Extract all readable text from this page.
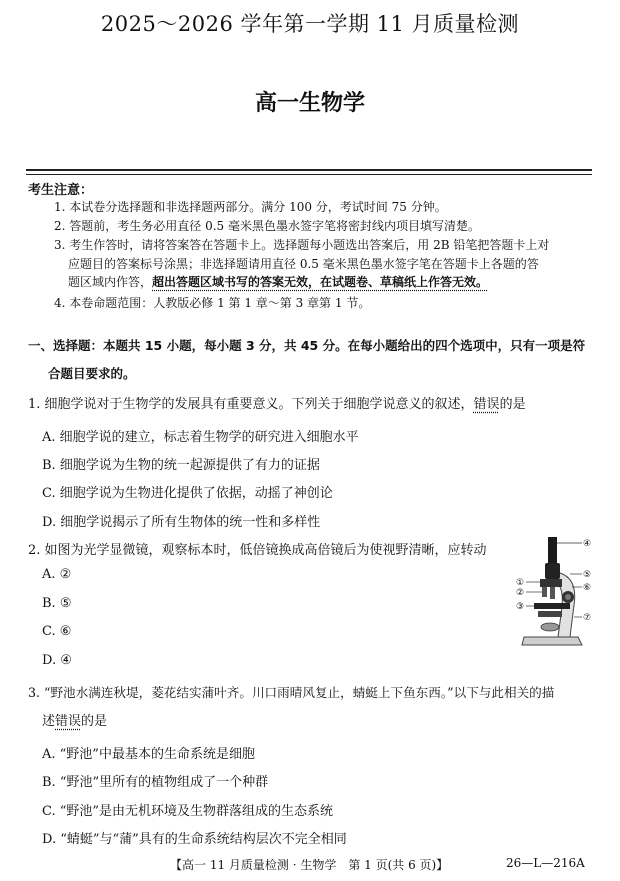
2025～2026 学年第一学期 11 月质量检测
高一生物学
考生注意：
1. 本试卷分选择题和非选择题两部分。满分 100 分，考试时间 75 分钟。
2. 答题前，考生务必用直径 0.5 毫米黑色墨水签字笔将密封线内项目填写清楚。
3. 考生作答时，请将答案答在答题卡上。选择题每小题选出答案后，用 2B 铅笔把答题卡上对
应题目的答案标号涂黑；非选择题请用直径 0.5 毫米黑色墨水签字笔在答题卡上各题的答
题区域内作答，超出答题区域书写的答案无效，在试题卷、草稿纸上作答无效。
4. 本卷命题范围：人教版必修 1 第 1 章～第 3 章第 1 节。
一、选择题：本题共 15 小题，每小题 3 分，共 45 分。在每小题给出的四个选项中，只有一项是符
合题目要求的。
1. 细胞学说对于生物学的发展具有重要意义。下列关于细胞学说意义的叙述，错误的是
A. 细胞学说的建立，标志着生物学的研究进入细胞水平
B. 细胞学说为生物的统一起源提供了有力的证据
C. 细胞学说为生物进化提供了依据，动摇了神创论
D. 细胞学说揭示了所有生物体的统一性和多样性
2. 如图为光学显微镜，观察标本时，低倍镜换成高倍镜后为使视野清晰，应转动
A. ②
B. ⑤
C. ⑥
D. ④
④
⑤
⑥
⑦
①
②
③
3. “野池水满连秋堤，菱花结实蒲叶齐。川口雨晴风复止，蜻蜓上下鱼东西。”以下与此相关的描
述错误的是
A. “野池”中最基本的生命系统是细胞
B. “野池”里所有的植物组成了一个种群
C. “野池”是由无机环境及生物群落组成的生态系统
D. “蜻蜓”与“蒲”具有的生命系统结构层次不完全相同
【高一 11 月质量检测 · 生物学　第 1 页(共 6 页)】	26—L—216A
